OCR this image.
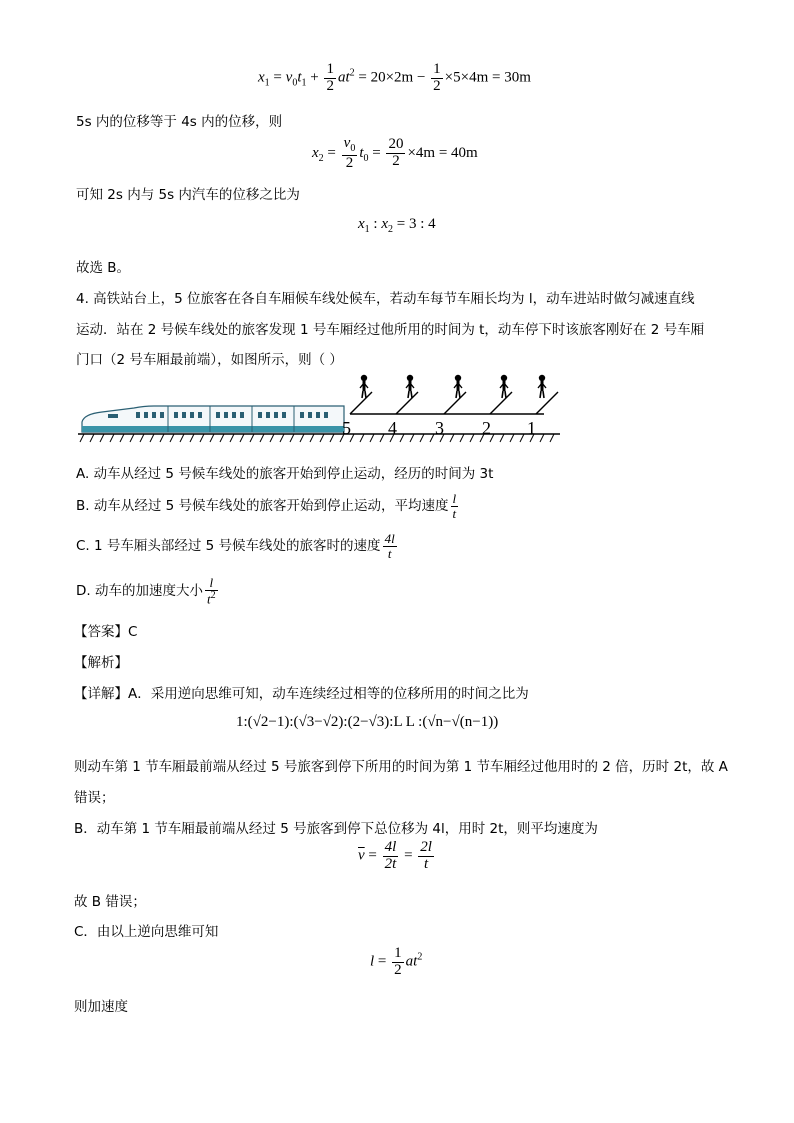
$x_1 = v_0t_1 + \frac{1}{2} at^2 = 20\times 2m - \frac{1}{2} \times 5\times 4m = 30m$
5s 内的位移等于 4s 内的位移，则
$x_2 = \frac{v_0}{2} t_0 = \frac{20}{2} \times 4m = 40m$
可知 2s 内与 5s 内汽车的位移之比为
$x_1$ : $x_2 = 3$ : 4
故选 B。
4. 高铁站台上，5 位旅客在各自车厢候车线处候车，若动车每节车厢长均为 l，动车进站时做匀减速直线
运动．站在 2 号候车线处的旅客发现 1 号车厢经过他所用的时间为 t，动车停下时该旅客刚好在 2 号车厢
门口（2 号车厢最前端），如图所示，则（ ）
5 4 3 2 1
A. 动车从经过 5 号候车线处的旅客开始到停止运动，经历的时间为 3t
B. 动车从经过 5 号候车线处的旅客开始到停止运动，平均速度 $\frac{l}{t}$
C. 1 号车厢头部经过 5 号候车线处的旅客时的速度 $\frac{4l}{t}$
D. 动车的加速度大小 $\frac{l}{t^2}$
【答案】C
【解析】
【详解】A．采用逆向思维可知，动车连续经过相等的位移所用的时间之比为
1:(√2−1):(√3−√2):(2−√3):L L :(√n−√(n−1))
则动车第 1 节车厢最前端从经过 5 号旅客到停下所用的时间为第 1 节车厢经过他用时的 2 倍，历时 2t，故 A
错误；
B．动车第 1 节车厢最前端从经过 5 号旅客到停下总位移为 4l，用时 2t，则平均速度为
$\overline{v} = \frac{4l}{2t} = \frac{2l}{t}$
故 B 错误；
C．由以上逆向思维可知
$l = \frac{1}{2} at^2$
则加速度
